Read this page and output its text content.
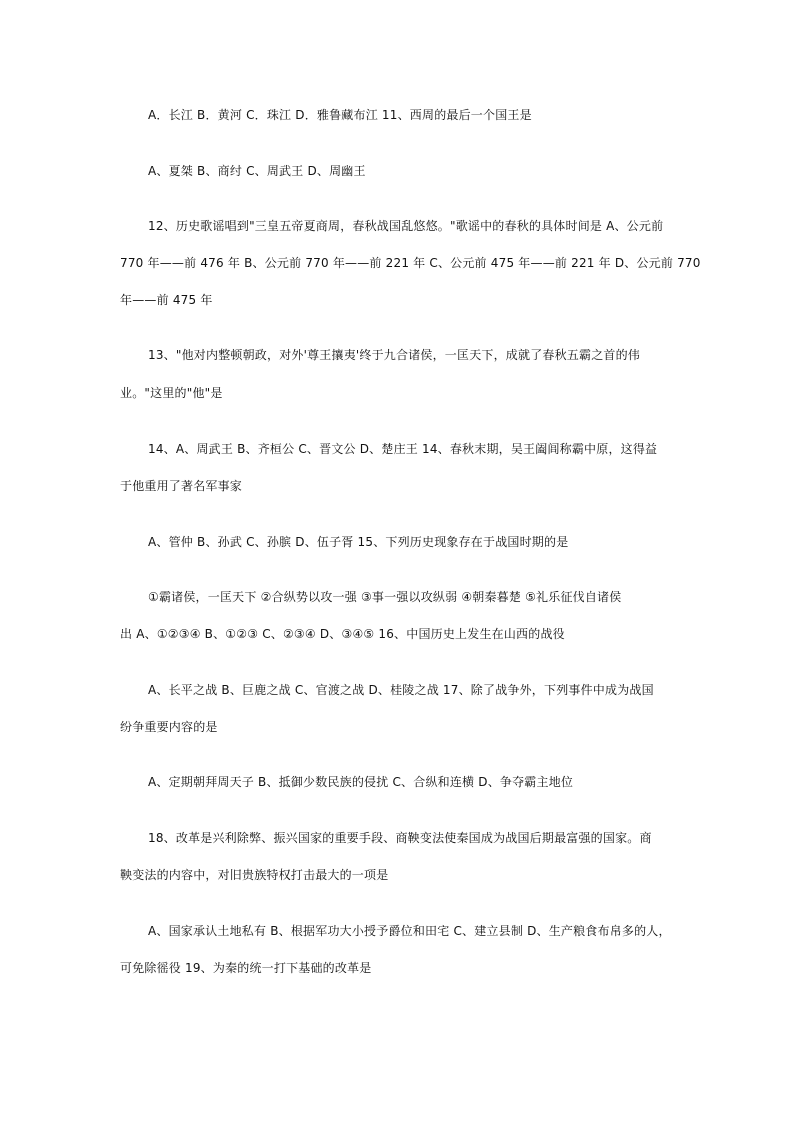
A．长江 B．黄河 C．珠江 D．雅鲁藏布江 11、西周的最后一个国王是
A、夏桀 B、商纣 C、周武王 D、周幽王
12、历史歌谣唱到"三皇五帝夏商周，春秋战国乱悠悠。"歌谣中的春秋的具体时间是 A、公元前
770 年——前 476 年 B、公元前 770 年——前 221 年 C、公元前 475 年——前 221 年 D、公元前 770
年——前 475 年
13、"他对内整顿朝政，对外'尊王攘夷'终于九合诸侯，一匡天下，成就了春秋五霸之首的伟
业。"这里的"他"是
14、A、周武王 B、齐桓公 C、晋文公 D、楚庄王 14、春秋末期，吴王阖闾称霸中原，这得益
于他重用了著名军事家
A、管仲 B、孙武 C、孙膑 D、伍子胥 15、下列历史现象存在于战国时期的是
①霸诸侯，一匡天下 ②合纵势以攻一强 ③事一强以攻纵弱 ④朝秦暮楚 ⑤礼乐征伐自诸侯
出 A、①②③④ B、①②③ C、②③④ D、③④⑤ 16、中国历史上发生在山西的战役
A、长平之战 B、巨鹿之战 C、官渡之战 D、桂陵之战 17、除了战争外，下列事件中成为战国
纷争重要内容的是
A、定期朝拜周天子 B、抵御少数民族的侵扰 C、合纵和连横 D、争夺霸主地位
18、改革是兴利除弊、振兴国家的重要手段、商鞅变法使秦国成为战国后期最富强的国家。商
鞅变法的内容中，对旧贵族特权打击最大的一项是
A、国家承认土地私有 B、根据军功大小授予爵位和田宅 C、建立县制 D、生产粮食布帛多的人，
可免除徭役 19、为秦的统一打下基础的改革是
